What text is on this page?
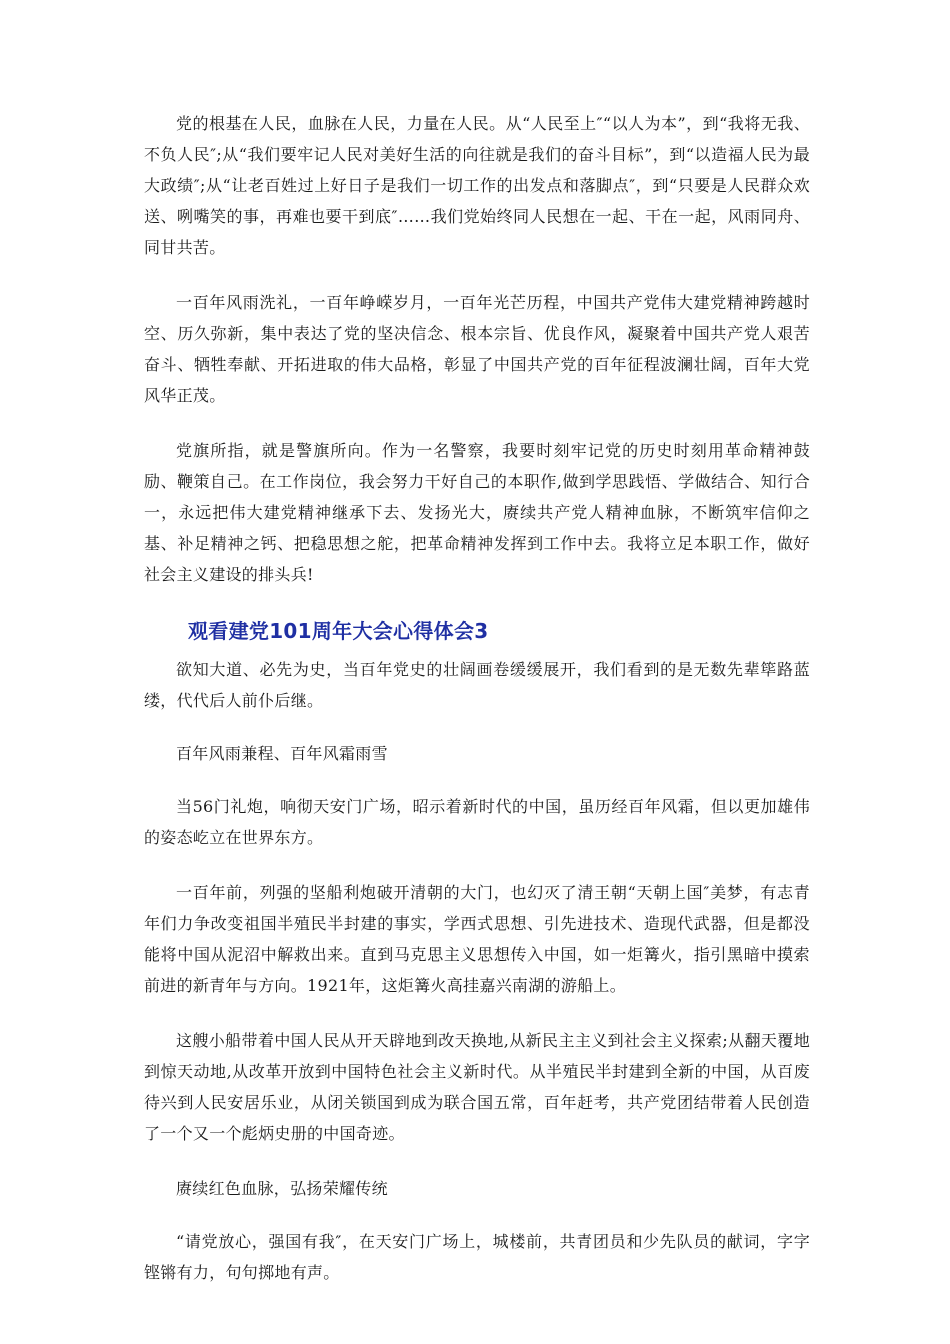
党的根基在人民，血脉在人民，力量在人民。从“人民至上″“以人为本”，到“我将无我、不负人民″;从“我们要牢记人民对美好生活的向往就是我们的奋斗目标”，到“以造福人民为最大政绩″;从“让老百姓过上好日子是我们一切工作的出发点和落脚点″，到“只要是人民群众欢送、咧嘴笑的事，再难也要干到底″……我们党始终同人民想在一起、干在一起，风雨同舟、同甘共苦。

一百年风雨洗礼，一百年峥嵘岁月，一百年光芒历程，中国共产党伟大建党精神跨越时空、历久弥新，集中表达了党的坚决信念、根本宗旨、优良作风，凝聚着中国共产党人艰苦奋斗、牺牲奉献、开拓进取的伟大品格，彰显了中国共产党的百年征程波澜壮阔，百年大党风华正茂。

党旗所指，就是警旗所向。作为一名警察，我要时刻牢记党的历史时刻用革命精神鼓励、鞭策自己。在工作岗位，我会努力干好自己的本职作,做到学思践悟、学做结合、知行合一，永远把伟大建党精神继承下去、发扬光大，赓续共产党人精神血脉，不断筑牢信仰之基、补足精神之钙、把稳思想之舵，把革命精神发挥到工作中去。我将立足本职工作，做好社会主义建设的排头兵!

观看建党101周年大会心得体会3

欲知大道、必先为史，当百年党史的壮阔画卷缓缓展开，我们看到的是无数先辈筚路蓝缕，代代后人前仆后继。

百年风雨兼程、百年风霜雨雪

当56门礼炮，响彻天安门广场，昭示着新时代的中国，虽历经百年风霜，但以更加雄伟的姿态屹立在世界东方。

一百年前，列强的坚船利炮破开清朝的大门，也幻灭了清王朝“天朝上国″美梦，有志青年们力争改变祖国半殖民半封建的事实，学西式思想、引先进技术、造现代武器，但是都没能将中国从泥沼中解救出来。直到马克思主义思想传入中国，如一炬篝火，指引黑暗中摸索前进的新青年与方向。1921年，这炬篝火高挂嘉兴南湖的游船上。

这艘小船带着中国人民从开天辟地到改天换地,从新民主主义到社会主义探索;从翻天覆地到惊天动地,从改革开放到中国特色社会主义新时代。从半殖民半封建到全新的中国，从百废待兴到人民安居乐业，从闭关锁国到成为联合国五常，百年赶考，共产党团结带着人民创造了一个又一个彪炳史册的中国奇迹。

赓续红色血脉，弘扬荣耀传统

“请党放心，强国有我″，在天安门广场上，城楼前，共青团员和少先队员的献词，字字铿锵有力，句句掷地有声。
